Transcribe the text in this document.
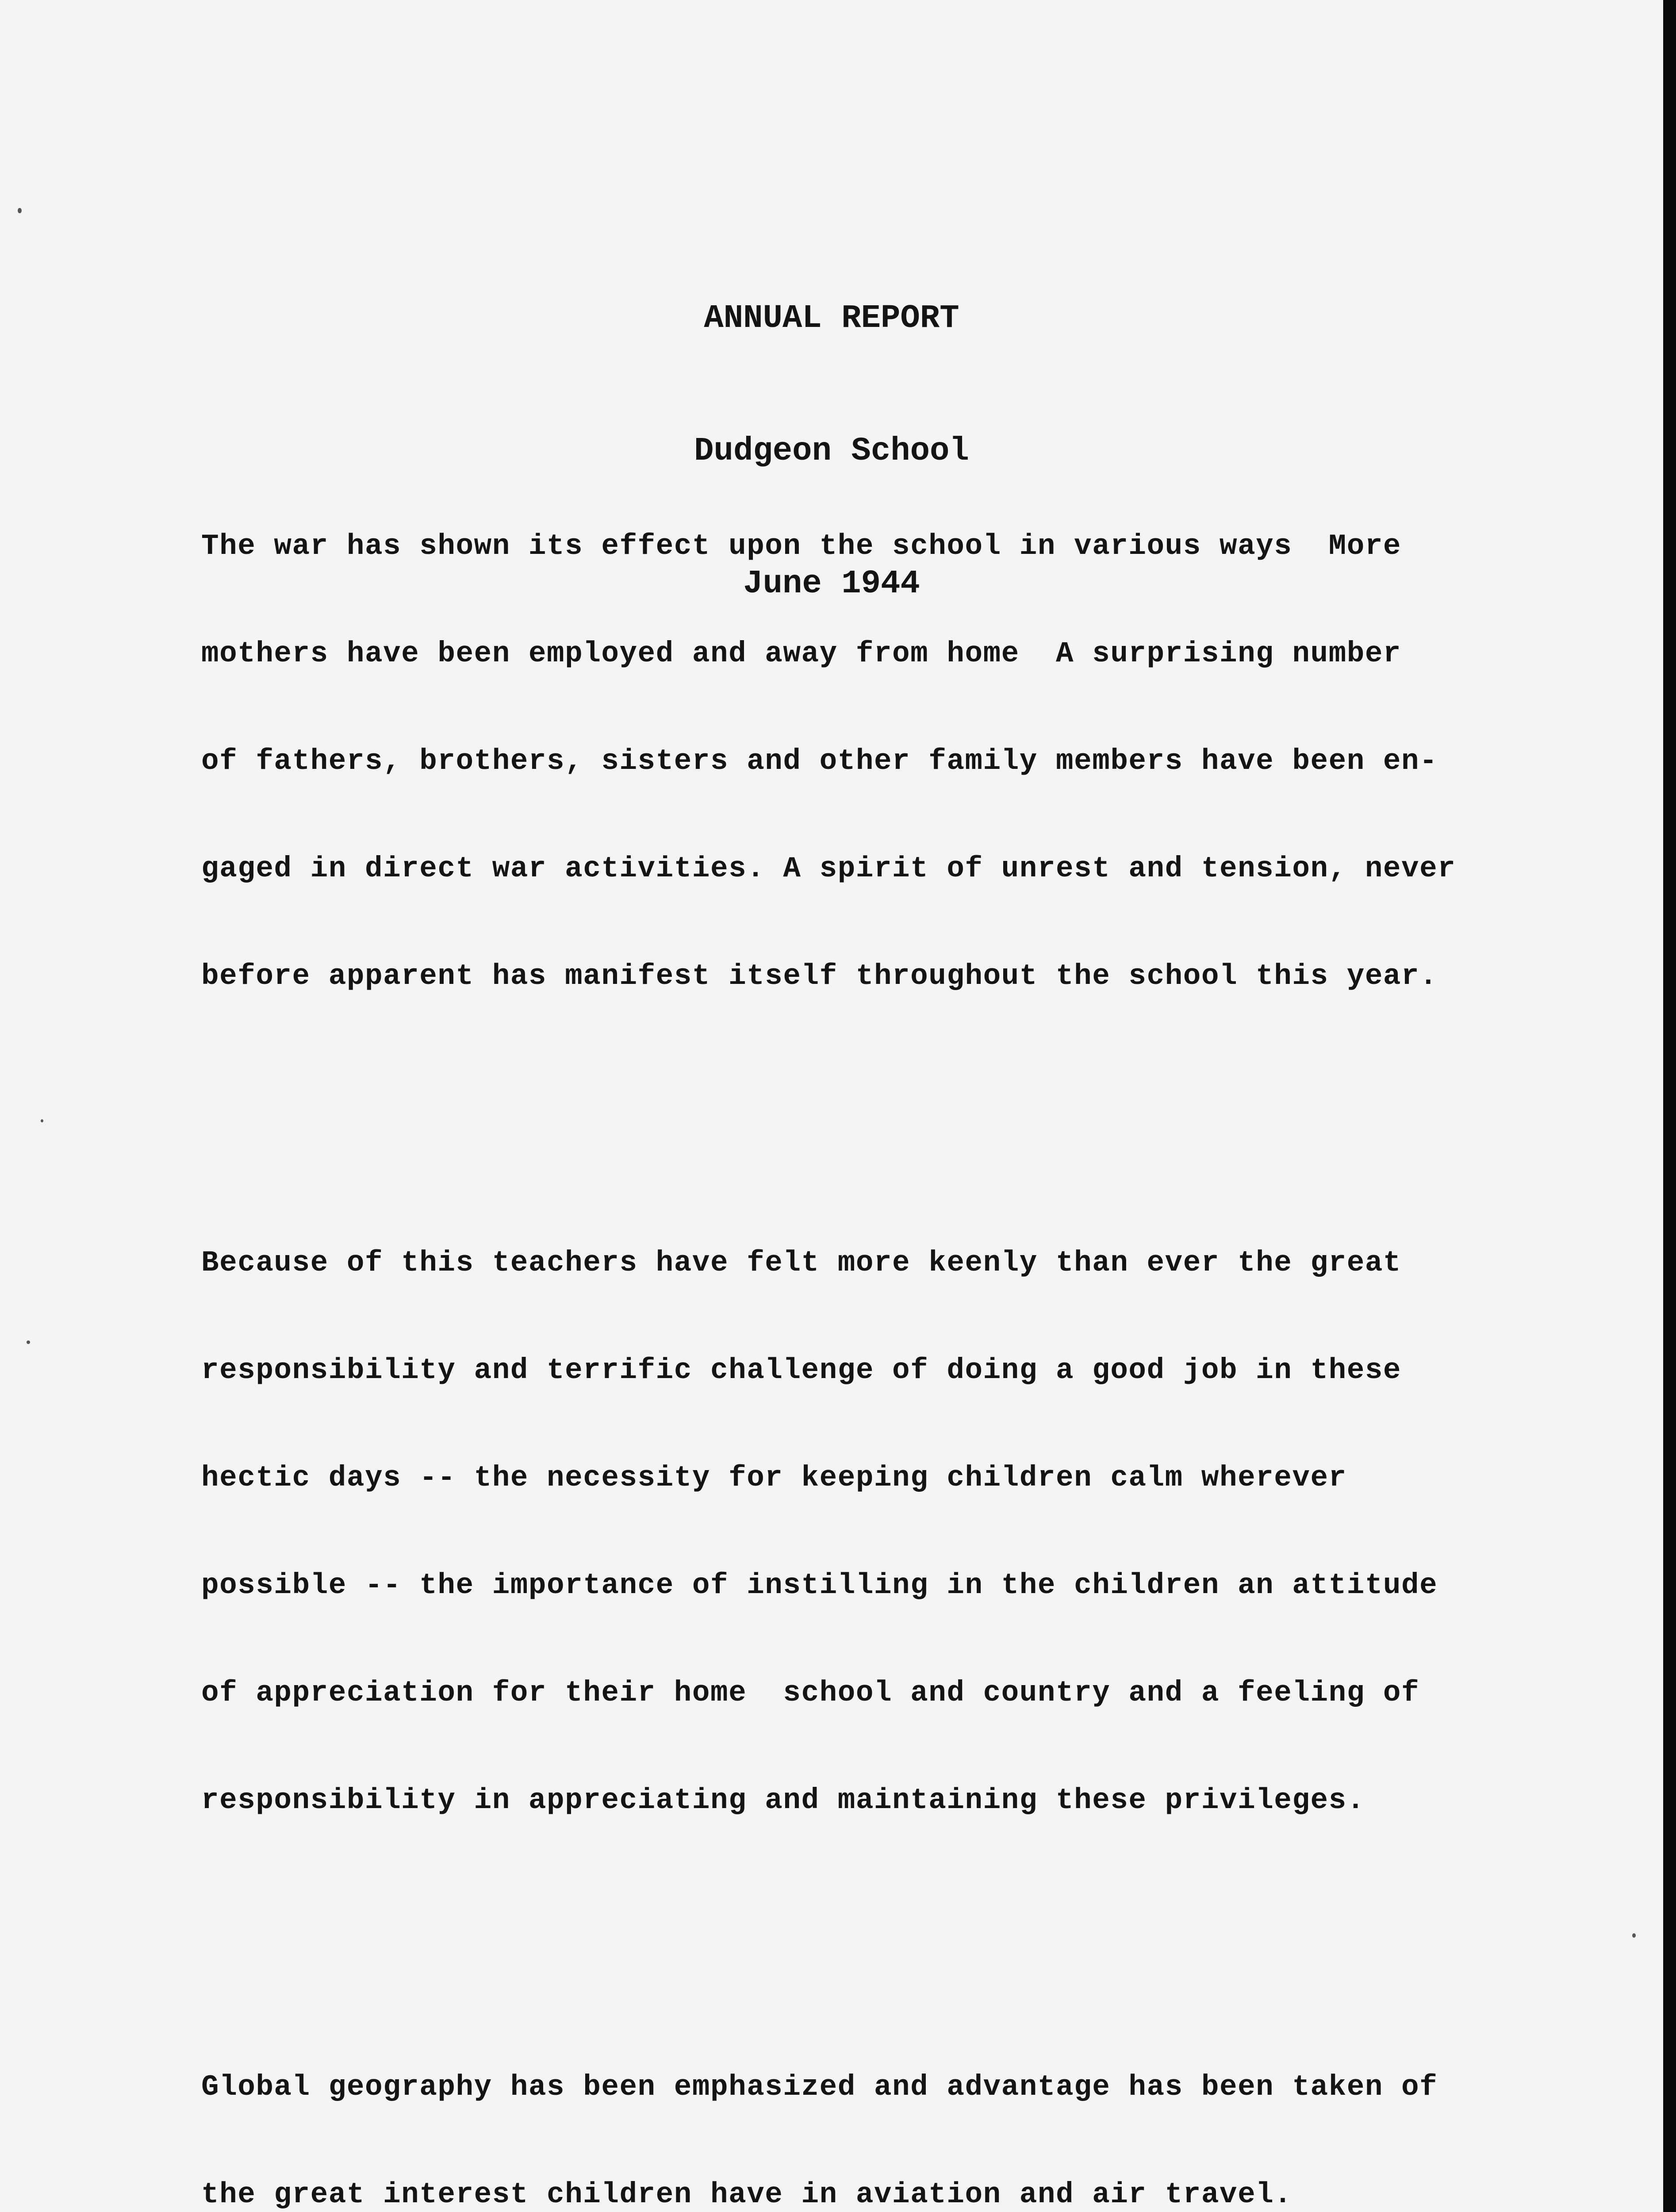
ANNUAL REPORT

Dudgeon School

June 1944

The war has shown its effect upon the school in various ways  More

mothers have been employed and away from home  A surprising number

of fathers, brothers, sisters and other family members have been en-

gaged in direct war activities. A spirit of unrest and tension, never

before apparent has manifest itself throughout the school this year.

Because of this teachers have felt more keenly than ever the great

responsibility and terrific challenge of doing a good job in these

hectic days -- the necessity for keeping children calm wherever

possible -- the importance of instilling in the children an attitude

of appreciation for their home  school and country and a feeling of

responsibility in appreciating and maintaining these privileges.

Global geography has been emphasized and advantage has been taken of

the great interest children have in aviation and air travel.
